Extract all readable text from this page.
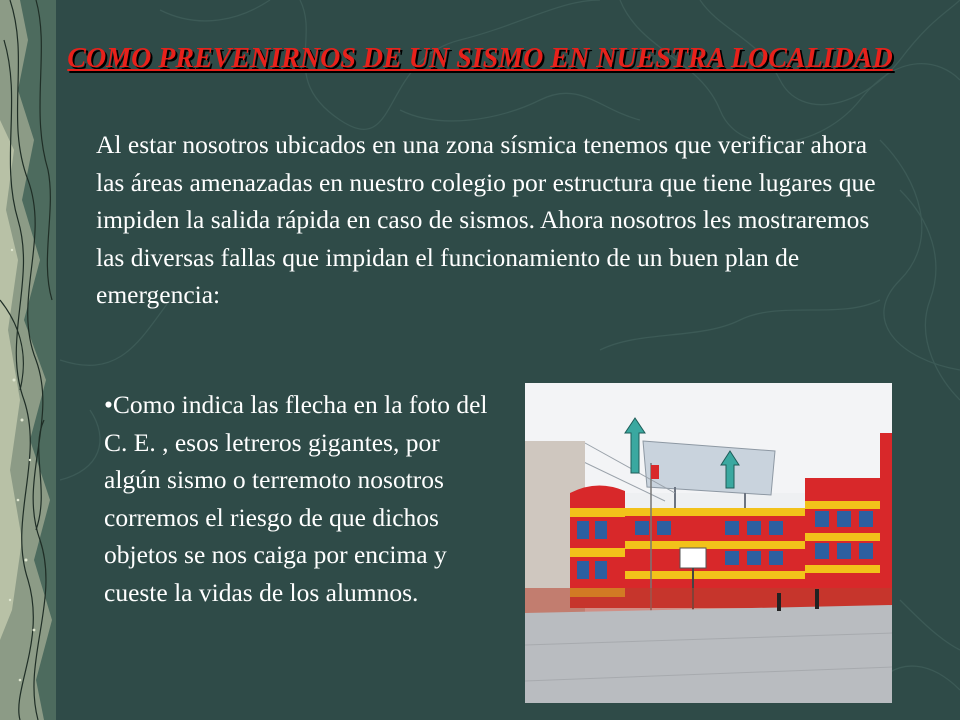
COMO PREVENIRNOS DE UN SISMO EN NUESTRA LOCALIDAD
Al estar nosotros ubicados en una zona sísmica tenemos que verificar ahora las áreas amenazadas en nuestro colegio por estructura que tiene lugares que impiden la salida rápida en caso de sismos. Ahora nosotros les mostraremos las diversas fallas que impidan el funcionamiento de un buen plan de emergencia:
•Como indica las flecha en la foto del C. E. , esos letreros gigantes, por algún sismo o terremoto nosotros corremos el riesgo de que dichos objetos se nos caiga por encima y cueste la vidas de los alumnos.
